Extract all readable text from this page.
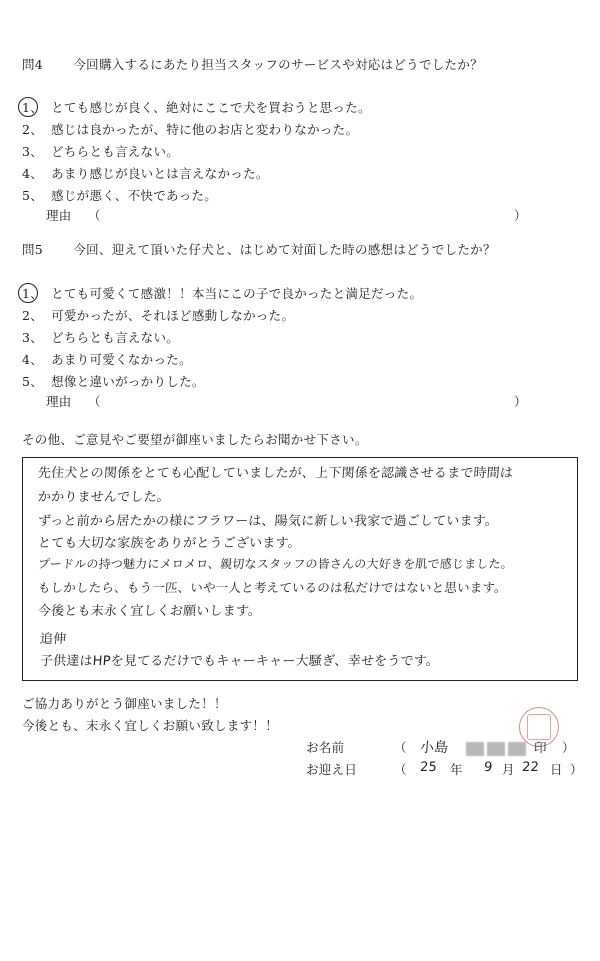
問4 今回購入するにあたり担当スタッフのサービスや対応はどうでしたか？
1、 とても感じが良く、絶対にここで犬を買おうと思った。
2、 感じは良かったが、特に他のお店と変わりなかった。
3、 どちらとも言えない。
4、 あまり感じが良いとは言えなかった。
5、 感じが悪く、不快であった。
理由 （	）
問5 今回、迎えて頂いた仔犬と、はじめて対面した時の感想はどうでしたか？
1、 とても可愛くて感激！！本当にこの子で良かったと満足だった。
2、 可愛かったが、それほど感動しなかった。
3、 どちらとも言えない。
4、 あまり可愛くなかった。
5、 想像と違いがっかりした。
理由 （	）
その他、ご意見やご要望が御座いましたらお聞かせ下さい。
先住犬との関係をとても心配していましたが、上下関係を認識させるまで時間は
かかりませんでした。
ずっと前から居たかの様にフラワーは、陽気に新しい我家で過ごしています。
とても大切な家族をありがとうございます。
プードルの持つ魅力にメロメロ、親切なスタッフの皆さんの大好きを肌で感じました。
もしかしたら、もう一匹、いや一人と考えているのは私だけではないと思います。
今後とも末永く宜しくお願いします。
追伸
子供達はHPを見てるだけでもキャーキャー大騒ぎ、幸せをうです。
ご協力ありがとう御座いました！！
今後とも、末永く宜しくお願い致します！！
お名前	（ 小島	印 ）
お迎え日	（ 25 年 9 月 22 日 ）
